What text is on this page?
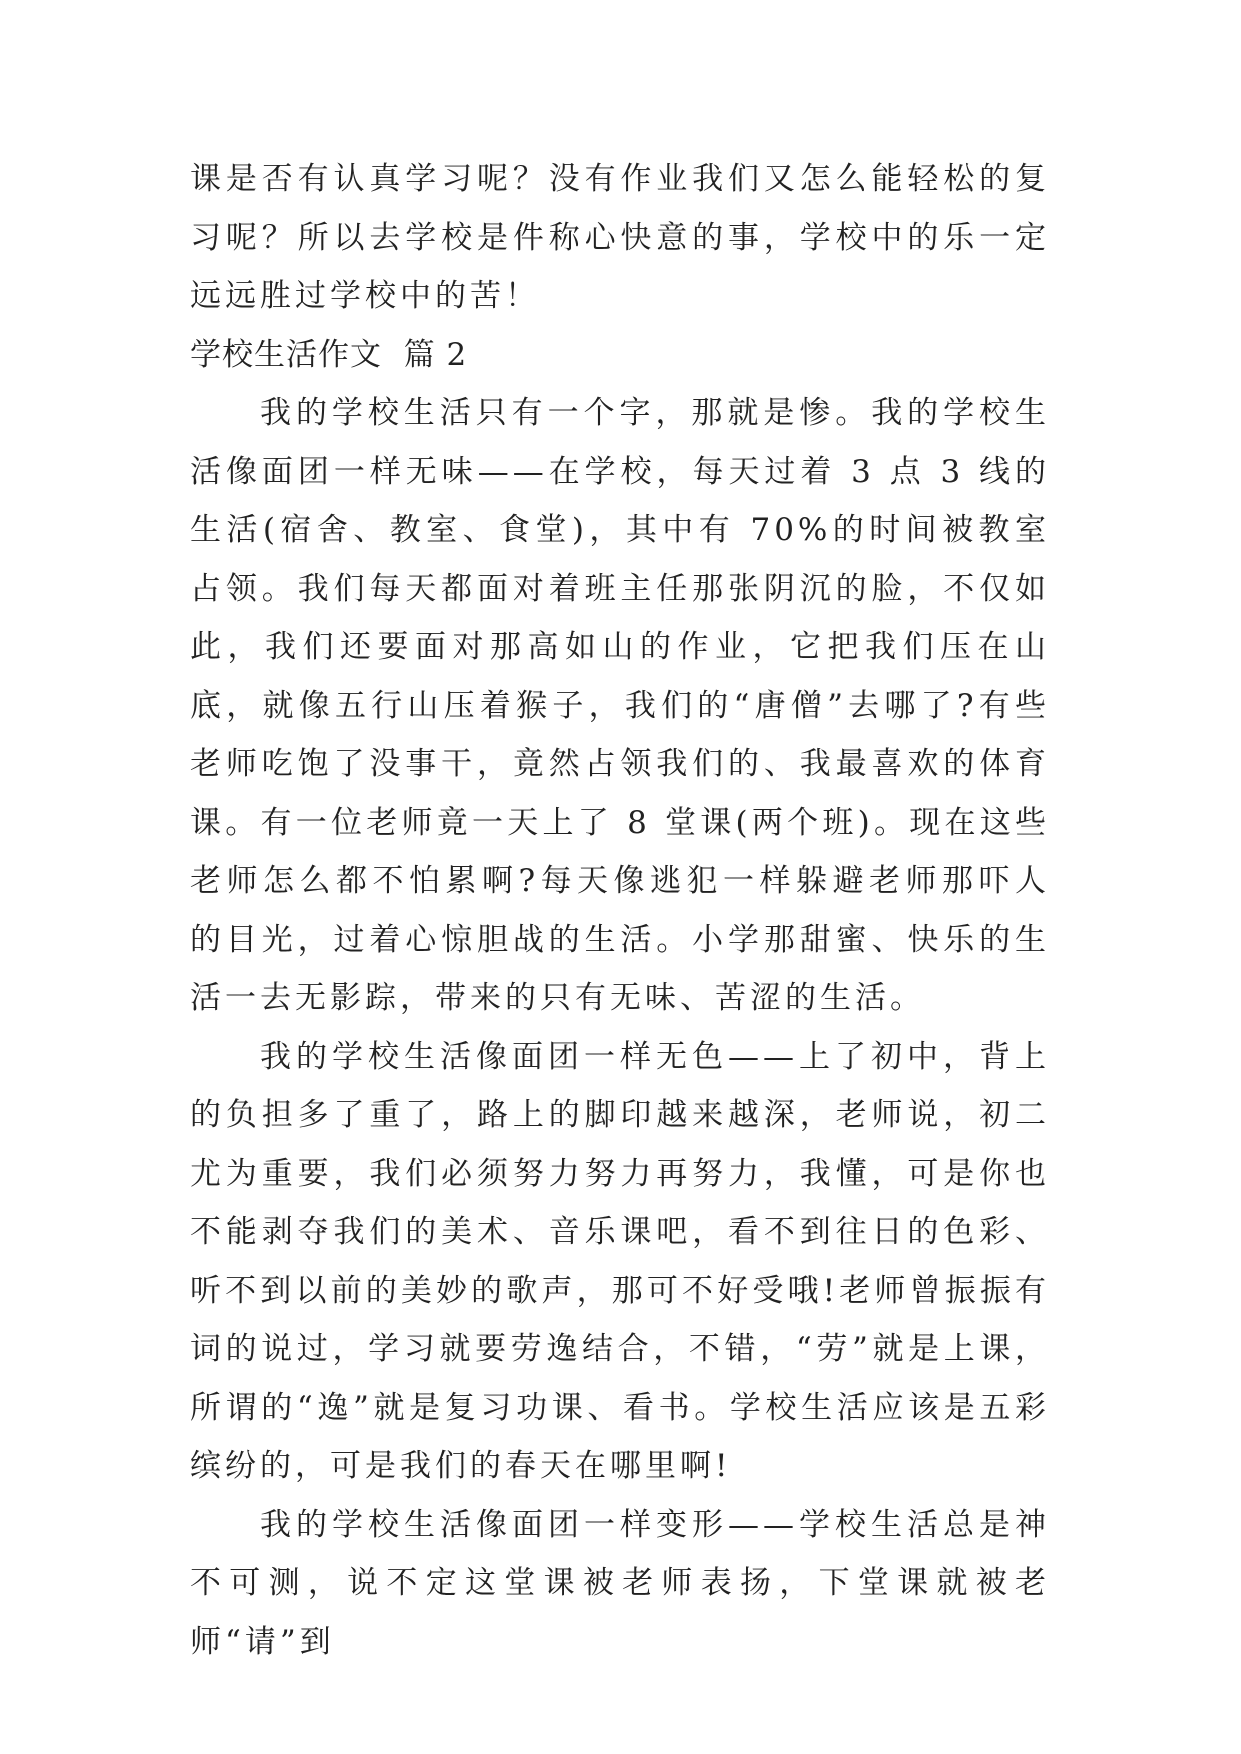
课是否有认真学习呢？没有作业我们又怎么能轻松的复习呢？所以去学校是件称心快意的事，学校中的乐一定远远胜过学校中的苦！

学校生活作文  篇 2

我的学校生活只有一个字，那就是惨。我的学校生活像面团一样无味——在学校，每天过着 3 点 3 线的生活(宿舍、教室、食堂)，其中有 70%的时间被教室占领。我们每天都面对着班主任那张阴沉的脸，不仅如此，我们还要面对那高如山的作业，它把我们压在山底，就像五行山压着猴子，我们的“唐僧”去哪了?有些老师吃饱了没事干，竟然占领我们的、我最喜欢的体育课。有一位老师竟一天上了 8 堂课(两个班)。现在这些老师怎么都不怕累啊?每天像逃犯一样躲避老师那吓人的目光，过着心惊胆战的生活。小学那甜蜜、快乐的生活一去无影踪，带来的只有无味、苦涩的生活。

我的学校生活像面团一样无色——上了初中，背上的负担多了重了，路上的脚印越来越深，老师说，初二尤为重要，我们必须努力努力再努力，我懂，可是你也不能剥夺我们的美术、音乐课吧，看不到往日的色彩、听不到以前的美妙的歌声，那可不好受哦!老师曾振振有词的说过，学习就要劳逸结合，不错，“劳”就是上课，所谓的“逸”就是复习功课、看书。学校生活应该是五彩缤纷的，可是我们的春天在哪里啊!

我的学校生活像面团一样变形——学校生活总是神不可测，说不定这堂课被老师表扬，下堂课就被老师“请”到
